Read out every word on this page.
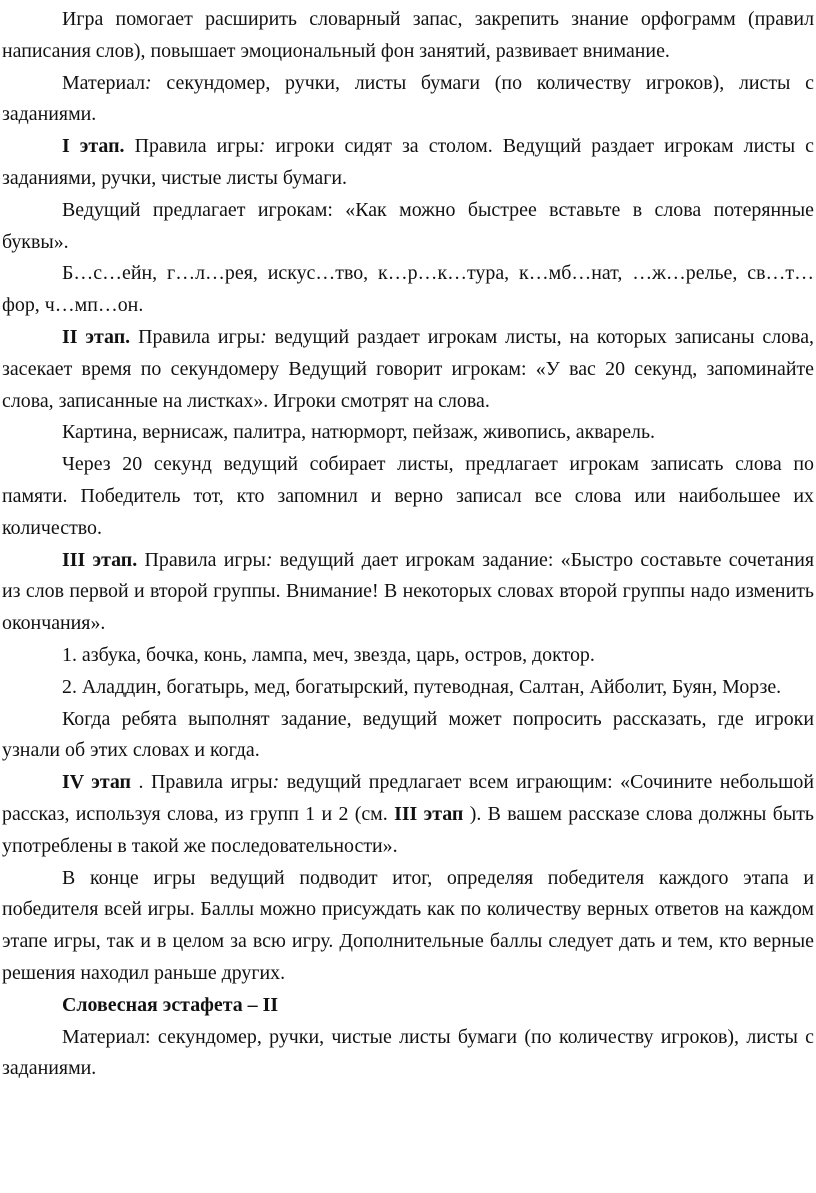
Игра помогает расширить словарный запас, закрепить знание орфограмм (правил написания слов), повышает эмоциональный фон занятий, развивает внимание.

Материал: секундомер, ручки, листы бумаги (по количеству игроков), листы с заданиями.

I этап. Правила игры: игроки сидят за столом. Ведущий раздает игрокам листы с заданиями, ручки, чистые листы бумаги.

Ведущий предлагает игрокам: «Как можно быстрее вставьте в слова потерянные буквы».

Б…с…ейн, г…л…рея, искус…тво, к…р…к…тура, к…мб…нат, …ж…релье, св…т…фор, ч…мп…он.

II этап. Правила игры: ведущий раздает игрокам листы, на которых записаны слова, засекает время по секундомеру Ведущий говорит игрокам: «У вас 20 секунд, запоминайте слова, записанные на листках». Игроки смотрят на слова.

Картина, вернисаж, палитра, натюрморт, пейзаж, живопись, акварель.

Через 20 секунд ведущий собирает листы, предлагает игрокам записать слова по памяти. Победитель тот, кто запомнил и верно записал все слова или наибольшее их количество.

III этап. Правила игры: ведущий дает игрокам задание: «Быстро составьте сочетания из слов первой и второй группы. Внимание! В некоторых словах второй группы надо изменить окончания».

1. азбука, бочка, конь, лампа, меч, звезда, царь, остров, доктор.

2. Аладдин, богатырь, мед, богатырский, путеводная, Салтан, Айболит, Буян, Морзе.

Когда ребята выполнят задание, ведущий может попросить рассказать, где игроки узнали об этих словах и когда.

IV этап . Правила игры: ведущий предлагает всем играющим: «Сочините небольшой рассказ, используя слова, из групп 1 и 2 (см. III этап ). В вашем рассказе слова должны быть употреблены в такой же последовательности».

В конце игры ведущий подводит итог, определяя победителя каждого этапа и победителя всей игры. Баллы можно присуждать как по количеству верных ответов на каждом этапе игры, так и в целом за всю игру. Дополнительные баллы следует дать и тем, кто верные решения находил раньше других.

Словесная эстафета – II

Материал: секундомер, ручки, чистые листы бумаги (по количеству игроков), листы с заданиями.
